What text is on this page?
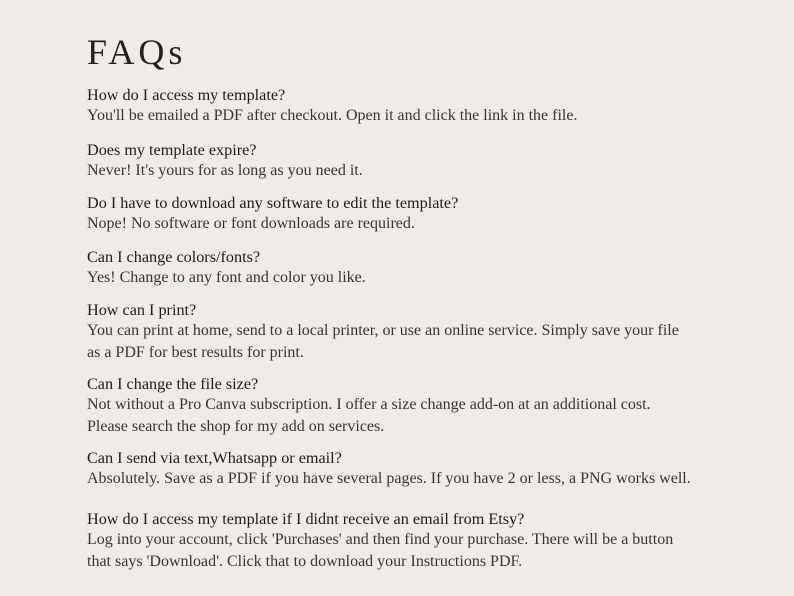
FAQs
How do I access my template?
You'll be emailed a PDF after checkout. Open it and click the link in the file.
Does my template expire?
Never! It's yours for as long as you need it.
Do I have to download any software to edit the template?
Nope! No software or font downloads are required.
Can I change colors/fonts?
Yes! Change to any font and color you like.
How can I print?
You can print at home, send to a local printer, or use an online service. Simply save your file
as a PDF for best results for print.
Can I change the file size?
Not without a Pro Canva subscription. I offer a size change add-on at an additional cost.
Please search the shop for my add on services.
Can I send via text,Whatsapp or email?
Absolutely. Save as a PDF if you have several pages. If you have 2 or less, a PNG works well.
How do I access my template if I didnt receive an email from Etsy?
Log into your account, click 'Purchases' and then find your purchase. There will be a button
that says 'Download'. Click that to download your Instructions PDF.
